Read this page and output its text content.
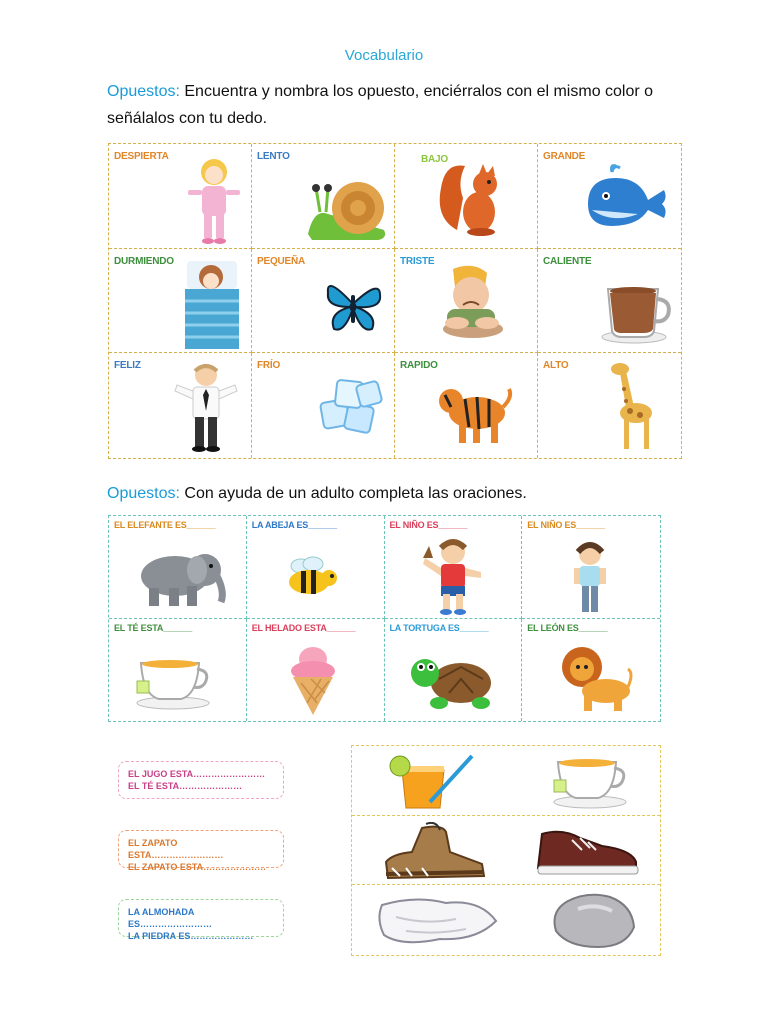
Vocabulario
Opuestos: Encuentra y nombra los opuesto, enciérralos con el mismo color o señálalos con tu dedo.
DESPIERTA	LENTO	BAJO	GRANDE
DURMIENDO	PEQUEÑA	TRISTE	CALIENTE
FELIZ	FRÍO	RAPIDO	ALTO
Opuestos: Con ayuda de un adulto completa las oraciones.
EL ELEFANTE ES______	LA ABEJA ES______	EL NIÑO ES______	EL NIÑO ES______
EL TÉ ESTA______	EL HELADO ESTA______	LA TORTUGA ES______	EL LEÓN ES______
EL JUGO ESTA……………………
EL TÉ ESTA…………………
EL ZAPATO ESTA……………………
EL ZAPATO ESTA…………………
LA ALMOHADA ES……………………
LA PIEDRA ES…………………
